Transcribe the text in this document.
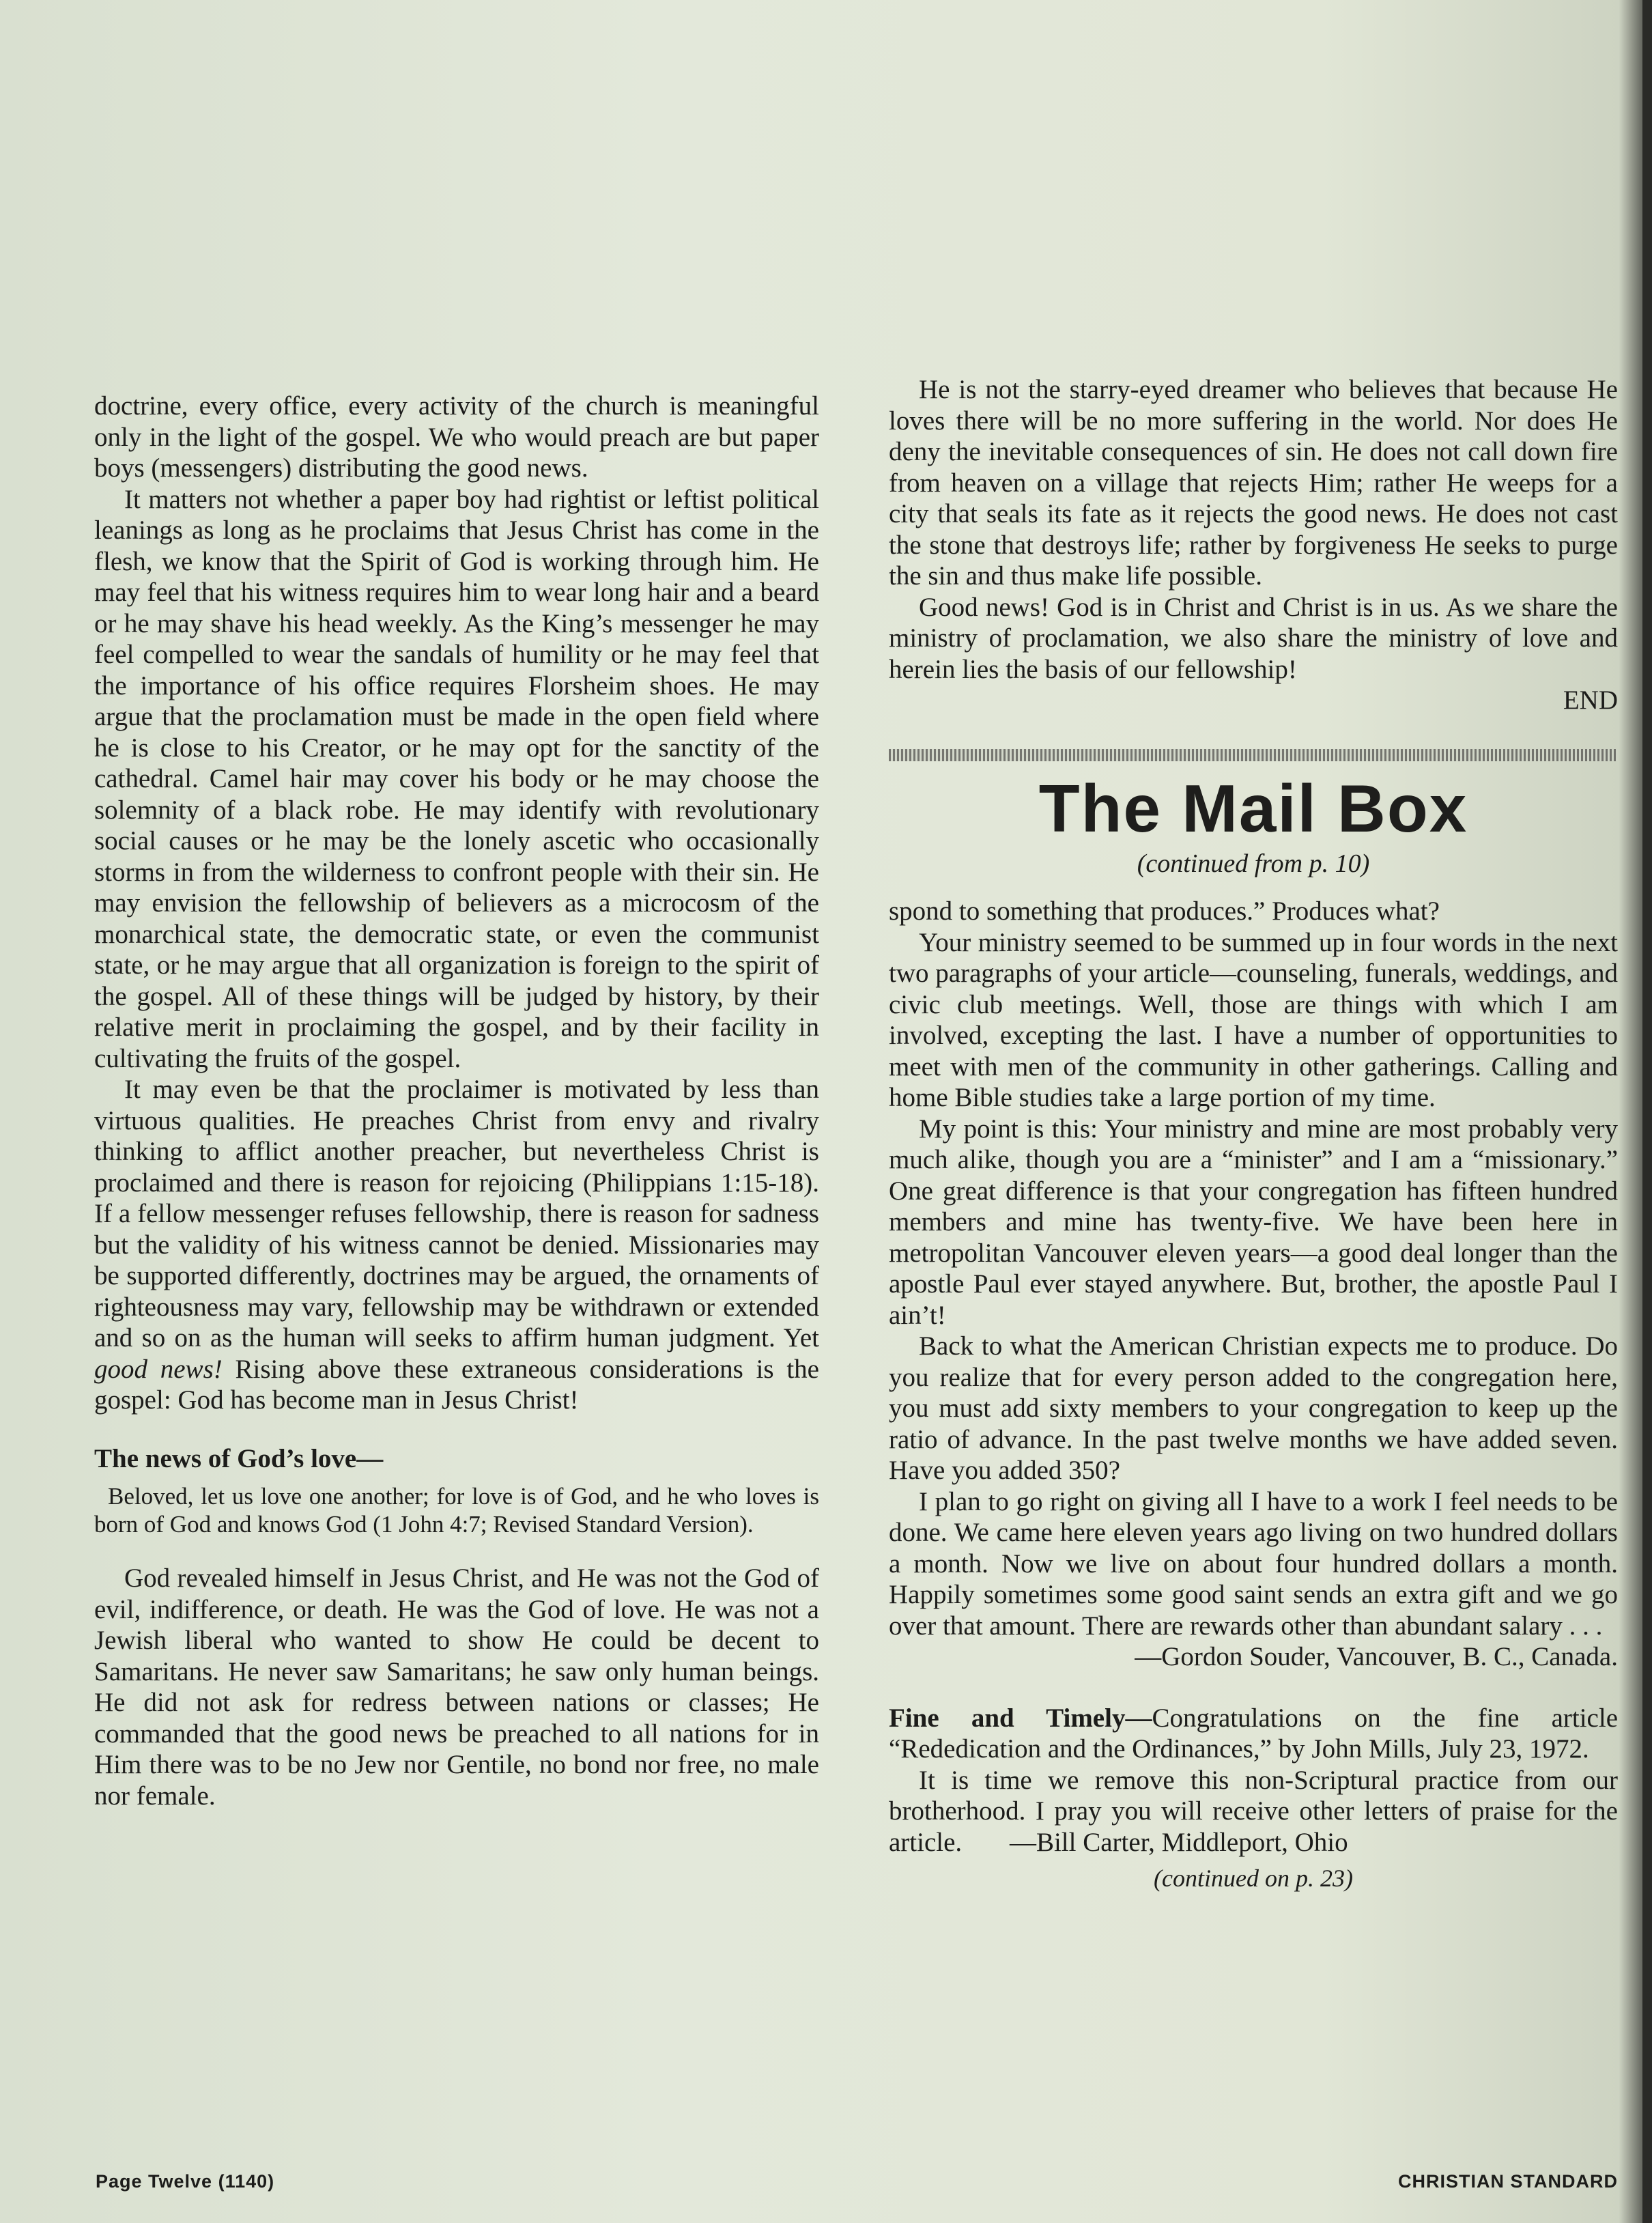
doctrine, every office, every activity of the church is meaningful only in the light of the gospel. We who would preach are but paper boys (messengers) distributing the good news.

It matters not whether a paper boy had rightist or leftist political leanings as long as he proclaims that Jesus Christ has come in the flesh, we know that the Spirit of God is working through him. He may feel that his witness requires him to wear long hair and a beard or he may shave his head weekly. As the King’s messenger he may feel compelled to wear the sandals of humility or he may feel that the importance of his office requires Florsheim shoes. He may argue that the proclamation must be made in the open field where he is close to his Creator, or he may opt for the sanctity of the cathedral. Camel hair may cover his body or he may choose the solemnity of a black robe. He may identify with revolutionary social causes or he may be the lonely ascetic who occasionally storms in from the wilderness to confront people with their sin. He may envision the fellowship of believers as a microcosm of the monarchical state, the democratic state, or even the communist state, or he may argue that all organization is foreign to the spirit of the gospel. All of these things will be judged by history, by their relative merit in proclaiming the gospel, and by their facility in cultivating the fruits of the gospel.

It may even be that the proclaimer is motivated by less than virtuous qualities. He preaches Christ from envy and rivalry thinking to afflict another preacher, but nevertheless Christ is proclaimed and there is reason for rejoicing (Philippians 1:15-18). If a fellow messenger refuses fellowship, there is reason for sadness but the validity of his witness cannot be denied. Missionaries may be supported differently, doctrines may be argued, the ornaments of righteousness may vary, fellowship may be withdrawn or extended and so on as the human will seeks to affirm human judgment. Yet good news! Rising above these extraneous considerations is the gospel: God has become man in Jesus Christ!

The news of God’s love—

Beloved, let us love one another; for love is of God, and he who loves is born of God and knows God (1 John 4:7; Revised Standard Version).

God revealed himself in Jesus Christ, and He was not the God of evil, indifference, or death. He was the God of love. He was not a Jewish liberal who wanted to show He could be decent to Samaritans. He never saw Samaritans; he saw only human beings. He did not ask for redress between nations or classes; He commanded that the good news be preached to all nations for in Him there was to be no Jew nor Gentile, no bond nor free, no male nor female.

He is not the starry-eyed dreamer who believes that because He loves there will be no more suffering in the world. Nor does He deny the inevitable consequences of sin. He does not call down fire from heaven on a village that rejects Him; rather He weeps for a city that seals its fate as it rejects the good news. He does not cast the stone that destroys life; rather by forgiveness He seeks to purge the sin and thus make life possible.

Good news! God is in Christ and Christ is in us. As we share the ministry of proclamation, we also share the ministry of love and herein lies the basis of our fellowship!

END
The Mail Box
(continued from p. 10)

spond to something that produces.” Produces what?

Your ministry seemed to be summed up in four words in the next two paragraphs of your article—counseling, funerals, weddings, and civic club meetings. Well, those are things with which I am involved, excepting the last. I have a number of opportunities to meet with men of the community in other gatherings. Calling and home Bible studies take a large portion of my time.

My point is this: Your ministry and mine are most probably very much alike, though you are a “minister” and I am a “missionary.” One great difference is that your congregation has fifteen hundred members and mine has twenty-five. We have been here in metropolitan Vancouver eleven years—a good deal longer than the apostle Paul ever stayed anywhere. But, brother, the apostle Paul I ain’t!

Back to what the American Christian expects me to produce. Do you realize that for every person added to the congregation here, you must add sixty members to your congregation to keep up the ratio of advance. In the past twelve months we have added seven. Have you added 350?

I plan to go right on giving all I have to a work I feel needs to be done. We came here eleven years ago living on two hundred dollars a month. Now we live on about four hundred dollars a month. Happily sometimes some good saint sends an extra gift and we go over that amount. There are rewards other than abundant salary . . .

—Gordon Souder, Vancouver, B. C., Canada.

Fine and Timely—Congratulations on the fine article “Rededication and the Ordinances,” by John Mills, July 23, 1972.

It is time we remove this non-Scriptural practice from our brotherhood. I pray you will receive other letters of praise for the article. —Bill Carter, Middleport, Ohio

(continued on p. 23)
Page Twelve (1140)	CHRISTIAN STANDARD
